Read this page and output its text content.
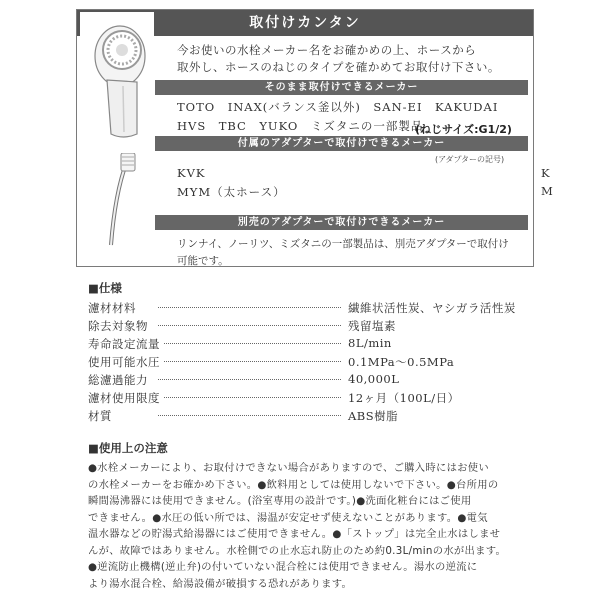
取付けカンタン
今お使いの水栓メーカー名をお確かめの上、ホースから
取外し、ホースのねじのタイプを確かめてお取付け下さい。
そのまま取付けできるメーカー
TOTO　INAX(バランス釜以外)　SAN-EI　KAKUDAI
HVS　TBC　YUKO　ミズタニの一部製品
(ねじサイズ:G1/2)
付属のアダプターで取付けできるメーカー
(アダプターの記号)
KVK	K
MYM（太ホース）	M
別売のアダプターで取付けできるメーカー
リンナイ、ノーリツ、ミズタニの一部製品は、別売アダプターで取付け
可能です。
■仕様
濾材材料	繊維状活性炭、ヤシガラ活性炭
除去対象物	残留塩素
寿命設定流量	8L/min
使用可能水圧	0.1MPa～0.5MPa
総濾過能力	40,000L
濾材使用限度	12ヶ月（100L/日）
材質	ABS樹脂
■使用上の注意

●水栓メーカーにより、お取付けできない場合がありますので、ご購入時にはお使い

の水栓メーカーをお確かめ下さい。●飲料用としては使用しないで下さい。●台所用の

瞬間湯沸器には使用できません。(浴室専用の設計です。)●洗面化粧台にはご使用

できません。●水圧の低い所では、湯温が安定せず使えないことがあります。●電気

温水器などの貯湯式給湯器にはご使用できません。●「ストップ」は完全止水はしませ

んが、故障ではありません。水栓側での止水忘れ防止のため約0.3L/minの水が出ます。

●逆流防止機構(逆止弁)の付いていない混合栓には使用できません。湯水の逆流に

より湯水混合栓、給湯設備が破損する恐れがあります。
